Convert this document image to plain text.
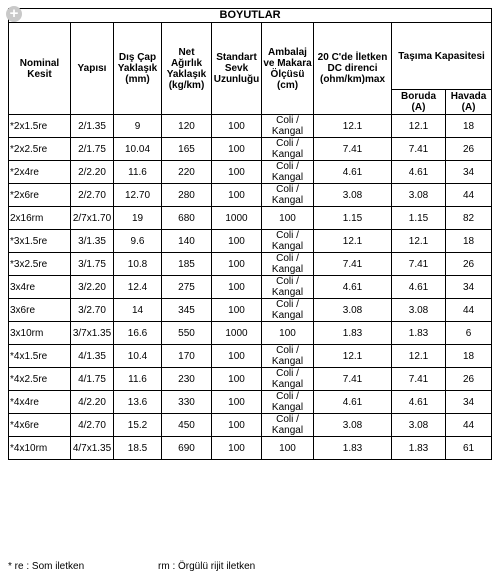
+	BOYUTLAR								
Nominal Kesit	Yapısı	Dış Çap Yaklaşık (mm)	Net Ağırlık Yaklaşık (kg/km)	Standart Sevk Uzunluğu	Ambalaj ve Makara Ölçüsü (cm)	20 C'de İletken DC direnci (ohm/km)max	Taşıma Kapasitesi	
							Boruda (A)	Havada (A)
*2x1.5re	2/1.35	9	120	100	Coli / Kangal	12.1	12.1	18
*2x2.5re	2/1.75	10.04	165	100	Coli / Kangal	7.41	7.41	26
*2x4re	2/2.20	11.6	220	100	Coli / Kangal	4.61	4.61	34
*2x6re	2/2.70	12.70	280	100	Coli / Kangal	3.08	3.08	44
2x16rm	2/7x1.70	19	680	1000	100	1.15	1.15	82
*3x1.5re	3/1.35	9.6	140	100	Coli / Kangal	12.1	12.1	18
*3x2.5re	3/1.75	10.8	185	100	Coli / Kangal	7.41	7.41	26
3x4re	3/2.20	12.4	275	100	Coli / Kangal	4.61	4.61	34
3x6re	3/2.70	14	345	100	Coli / Kangal	3.08	3.08	44
3x10rm	3/7x1.35	16.6	550	1000	100	1.83	1.83	6
*4x1.5re	4/1.35	10.4	170	100	Coli / Kangal	12.1	12.1	18
*4x2.5re	4/1.75	11.6	230	100	Coli / Kangal	7.41	7.41	26
*4x4re	4/2.20	13.6	330	100	Coli / Kangal	4.61	4.61	34
*4x6re	4/2.70	15.2	450	100	Coli / Kangal	3.08	3.08	44
*4x10rm	4/7x1.35	18.5	690	100	100	1.83	1.83	61
* re : Som iletken	rm : Örgülü rijit iletken
